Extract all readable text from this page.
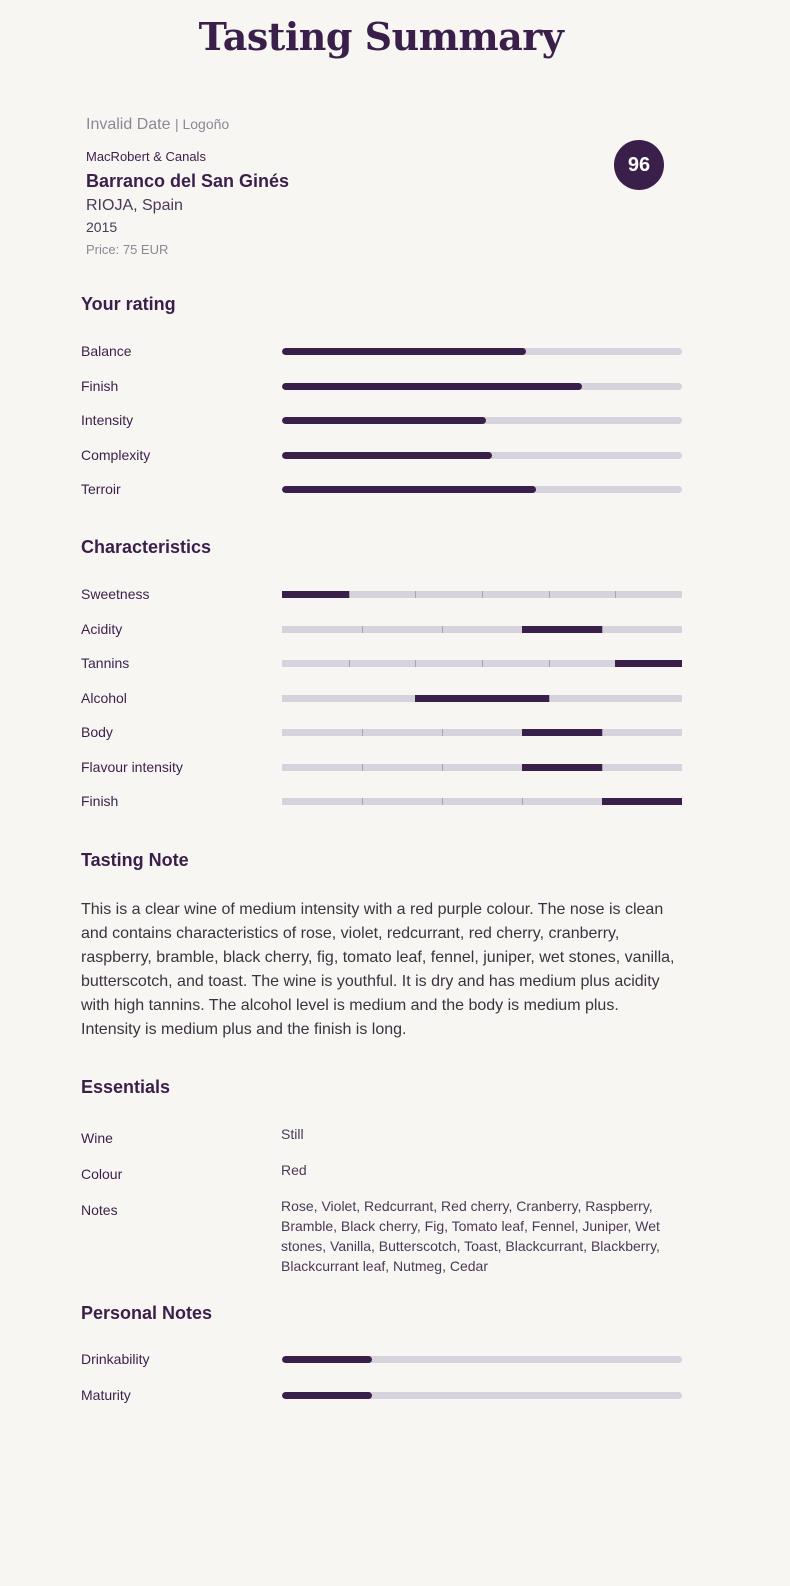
Tasting Summary
Invalid Date | Logoño
MacRobert & Canals
Barranco del San Ginés
RIOJA, Spain
2015
Price: 75 EUR
96
Your rating
Balance
Finish
Intensity
Complexity
Terroir
Characteristics
Sweetness
Acidity
Tannins
Alcohol
Body
Flavour intensity
Finish
Tasting Note
This is a clear wine of medium intensity with a red purple colour. The nose is clean and contains characteristics of rose, violet, redcurrant, red cherry, cranberry, raspberry, bramble, black cherry, fig, tomato leaf, fennel, juniper, wet stones, vanilla, butterscotch, and toast. The wine is youthful. It is dry and has medium plus acidity with high tannins. The alcohol level is medium and the body is medium plus. Intensity is medium plus and the finish is long.
Essentials
Wine	Still
Colour	Red
Notes	Rose, Violet, Redcurrant, Red cherry, Cranberry, Raspberry, Bramble, Black cherry, Fig, Tomato leaf, Fennel, Juniper, Wet stones, Vanilla, Butterscotch, Toast, Blackcurrant, Blackberry, Blackcurrant leaf, Nutmeg, Cedar
Personal Notes
Drinkability
Maturity
